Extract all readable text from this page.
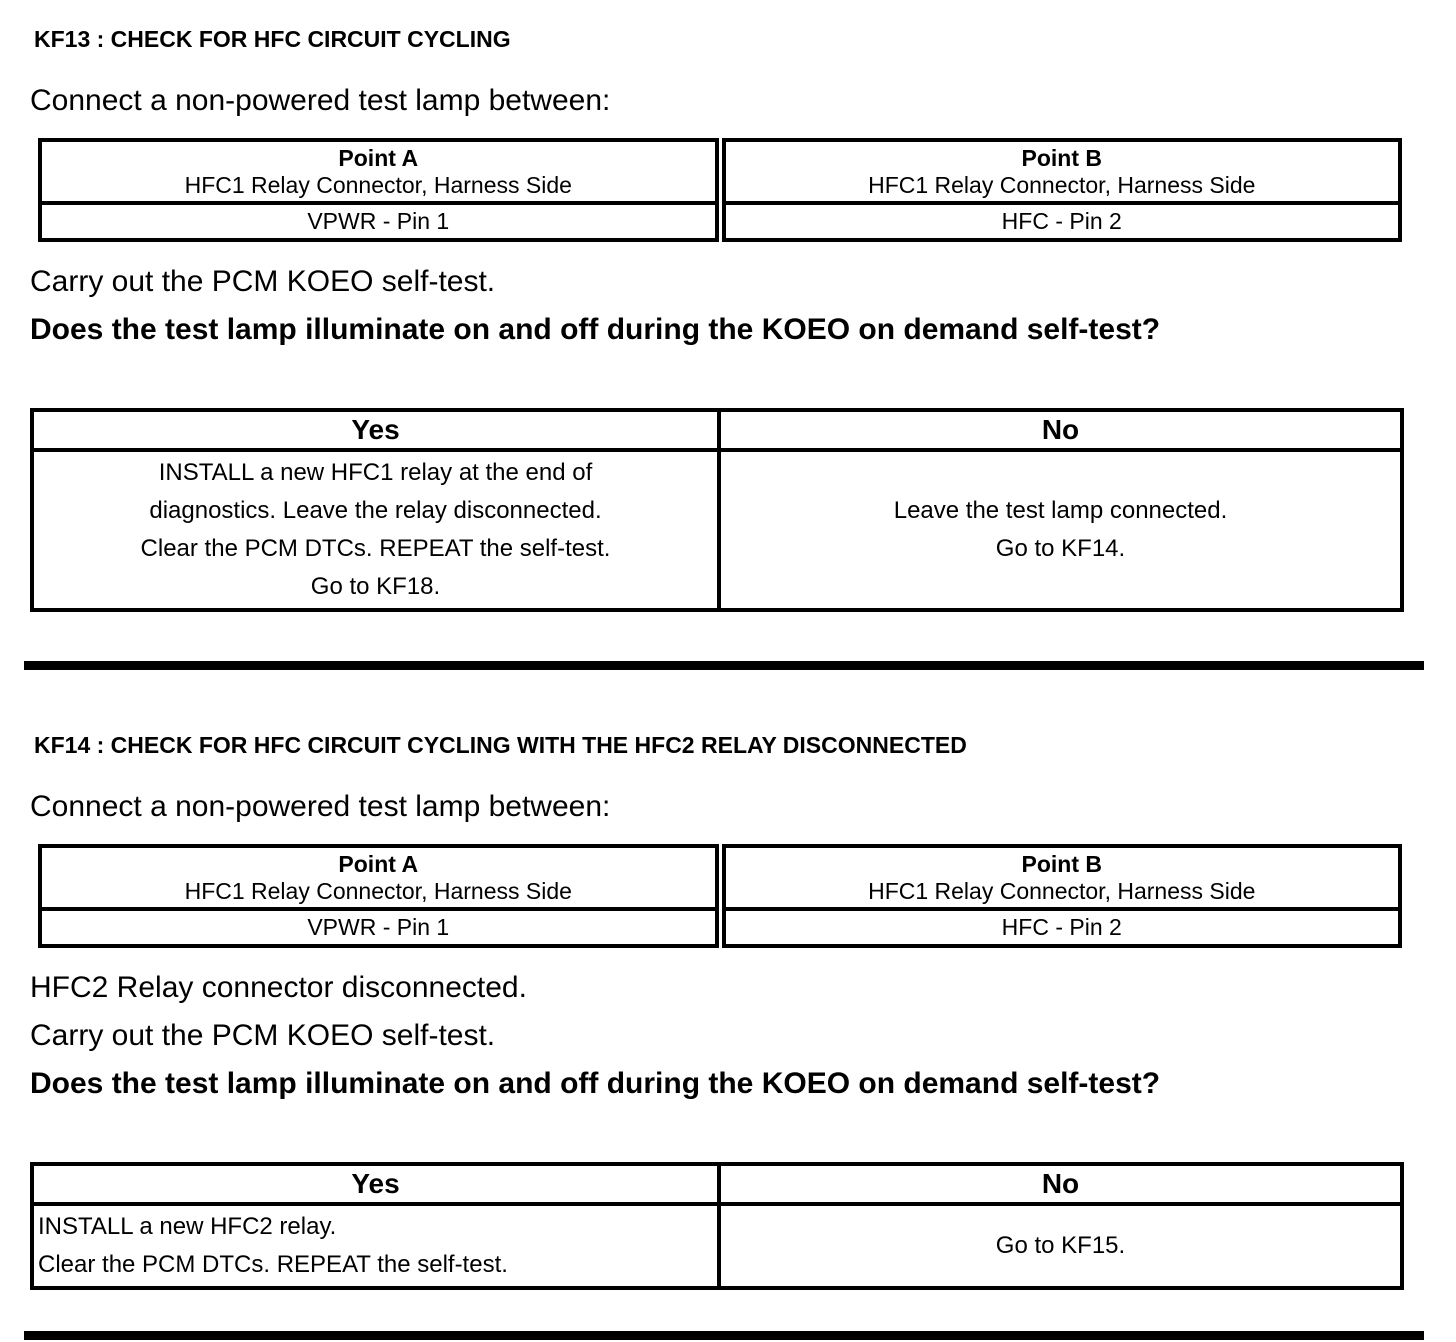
KF13 : CHECK FOR HFC CIRCUIT CYCLING

Connect a non-powered test lamp between:

Point A
HFC1 Relay Connector, Harness Side
VPWR - Pin 1
Point B
HFC1 Relay Connector, Harness Side
HFC - Pin 2

Carry out the PCM KOEO self-test.

Does the test lamp illuminate on and off during the KOEO on demand self-test?

Yes	No
INSTALL a new HFC1 relay at the end of
diagnostics. Leave the relay disconnected.
Clear the PCM DTCs. REPEAT the self-test.
Go to KF18.
Leave the test lamp connected.
Go to KF14.
KF14 : CHECK FOR HFC CIRCUIT CYCLING WITH THE HFC2 RELAY DISCONNECTED

Connect a non-powered test lamp between:

Point A
HFC1 Relay Connector, Harness Side
VPWR - Pin 1
Point B
HFC1 Relay Connector, Harness Side
HFC - Pin 2

HFC2 Relay connector disconnected.

Carry out the PCM KOEO self-test.

Does the test lamp illuminate on and off during the KOEO on demand self-test?

Yes	No
INSTALL a new HFC2 relay.
Clear the PCM DTCs. REPEAT the self-test.
Go to KF15.
